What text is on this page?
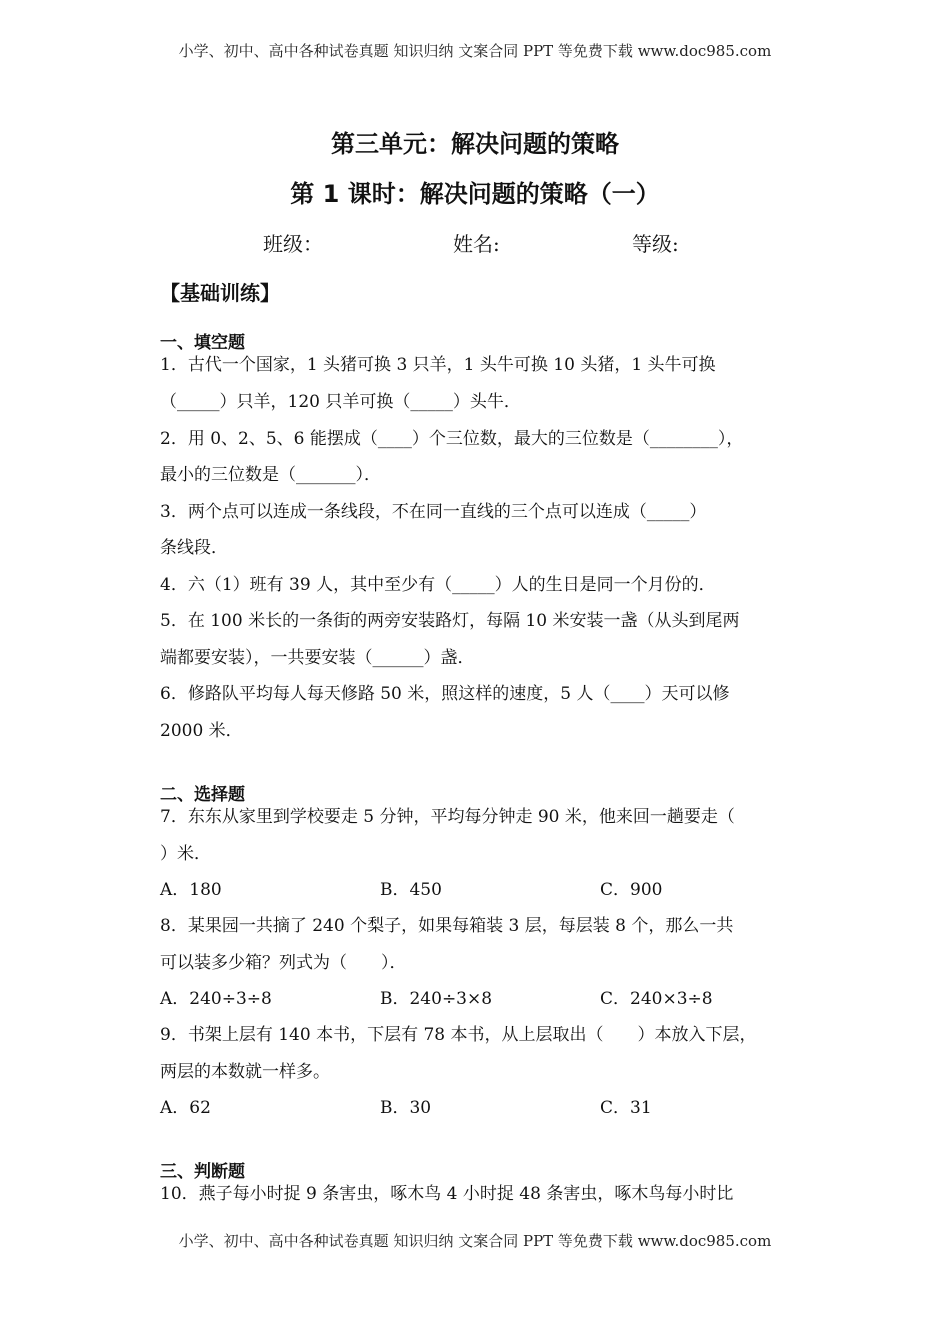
小学、初中、高中各种试卷真题 知识归纳 文案合同 PPT 等免费下载 www.doc985.com
第三单元：解决问题的策略
第 1 课时：解决问题的策略（一）
班级：	姓名:	等级:
【基础训练】
一、填空题
1．古代一个国家，1 头猪可换 3 只羊，1 头牛可换 10 头猪，1 头牛可换
（_____）只羊，120 只羊可换（_____）头牛．
2．用 0、2、5、6 能摆成（____）个三位数，最大的三位数是（________），
最小的三位数是（_______）．
3．两个点可以连成一条线段，不在同一直线的三个点可以连成（_____）
条线段．
4．六（1）班有 39 人，其中至少有（_____）人的生日是同一个月份的．
5．在 100 米长的一条街的两旁安装路灯，每隔 10 米安装一盏（从头到尾两
端都要安装），一共要安装（______）盏．
6．修路队平均每人每天修路 50 米，照这样的速度，5 人（____）天可以修
2000 米．
二、选择题
7．东东从家里到学校要走 5 分钟，平均每分钟走 90 米，他来回一趟要走（
）米．
A．180	B．450	C．900
8．某果园一共摘了 240 个梨子，如果每箱装 3 层，每层装 8 个，那么一共
可以装多少箱？列式为（　　）．
A．240÷3÷8	B．240÷3×8	C．240×3÷8
9．书架上层有 140 本书，下层有 78 本书，从上层取出（　　）本放入下层，
两层的本数就一样多。
A．62	B．30	C．31
三、判断题
10．燕子每小时捉 9 条害虫，啄木鸟 4 小时捉 48 条害虫，啄木鸟每小时比
小学、初中、高中各种试卷真题 知识归纳 文案合同 PPT 等免费下载 www.doc985.com
